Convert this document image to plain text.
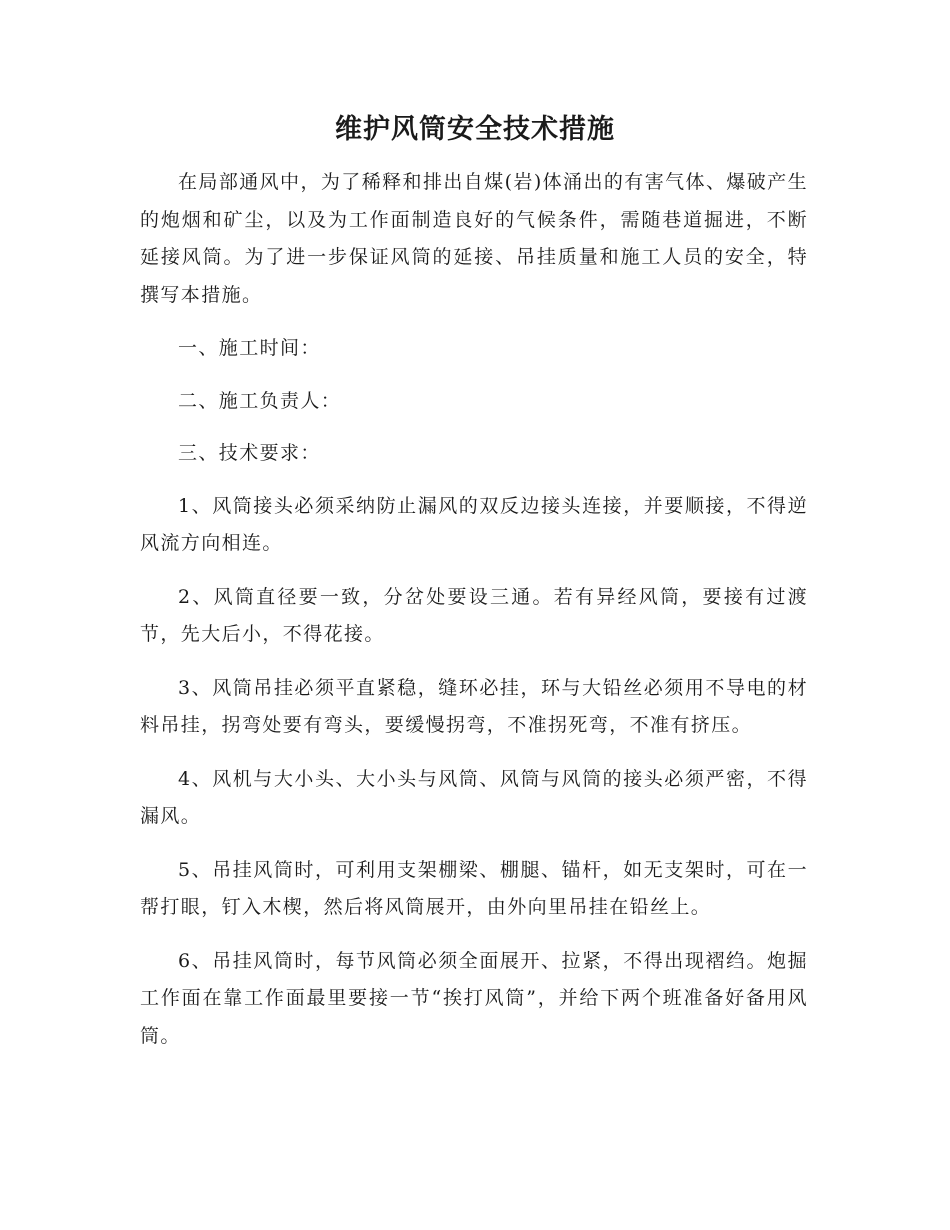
维护风筒安全技术措施

在局部通风中，为了稀释和排出自煤(岩)体涌出的有害气体、爆破产生的炮烟和矿尘，以及为工作面制造良好的气候条件，需随巷道掘进，不断延接风筒。为了进一步保证风筒的延接、吊挂质量和施工人员的安全，特撰写本措施。

一、施工时间：

二、施工负责人：

三、技术要求：

1、风筒接头必须采纳防止漏风的双反边接头连接，并要顺接，不得逆风流方向相连。

2、风筒直径要一致，分岔处要设三通。若有异经风筒，要接有过渡节，先大后小，不得花接。

3、风筒吊挂必须平直紧稳，缝环必挂，环与大铅丝必须用不导电的材料吊挂，拐弯处要有弯头，要缓慢拐弯，不准拐死弯，不准有挤压。

4、风机与大小头、大小头与风筒、风筒与风筒的接头必须严密，不得漏风。

5、吊挂风筒时，可利用支架棚梁、棚腿、锚杆，如无支架时，可在一帮打眼，钉入木楔，然后将风筒展开，由外向里吊挂在铅丝上。

6、吊挂风筒时，每节风筒必须全面展开、拉紧，不得出现褶绉。炮掘工作面在靠工作面最里要接一节“挨打风筒”，并给下两个班准备好备用风筒。
